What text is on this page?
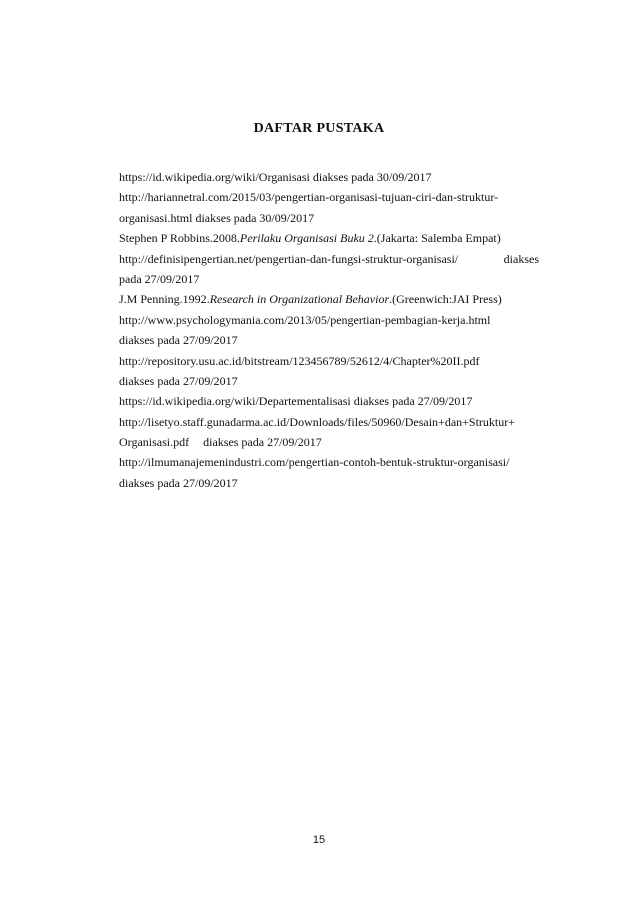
DAFTAR PUSTAKA
https://id.wikipedia.org/wiki/Organisasi diakses pada 30/09/2017
http://hariannetral.com/2015/03/pengertian-organisasi-tujuan-ciri-dan-struktur-
organisasi.html diakses pada 30/09/2017
Stephen P Robbins.2008.Perilaku Organisasi Buku 2.(Jakarta: Salemba Empat)
http://definisipengertian.net/pengertian-dan-fungsi-struktur-organisasi/	diakses
pada 27/09/2017
J.M Penning.1992.Research in Organizational Behavior.(Greenwich:JAI Press)
http://www.psychologymania.com/2013/05/pengertian-pembagian-kerja.html
diakses pada 27/09/2017
http://repository.usu.ac.id/bitstream/123456789/52612/4/Chapter%20II.pdf
diakses pada 27/09/2017
https://id.wikipedia.org/wiki/Departementalisasi diakses pada 27/09/2017
http://lisetyo.staff.gunadarma.ac.id/Downloads/files/50960/Desain+dan+Struktur+
Organisasi.pdf diakses pada 27/09/2017
http://ilmumanajemenindustri.com/pengertian-contoh-bentuk-struktur-organisasi/
diakses pada 27/09/2017
15
